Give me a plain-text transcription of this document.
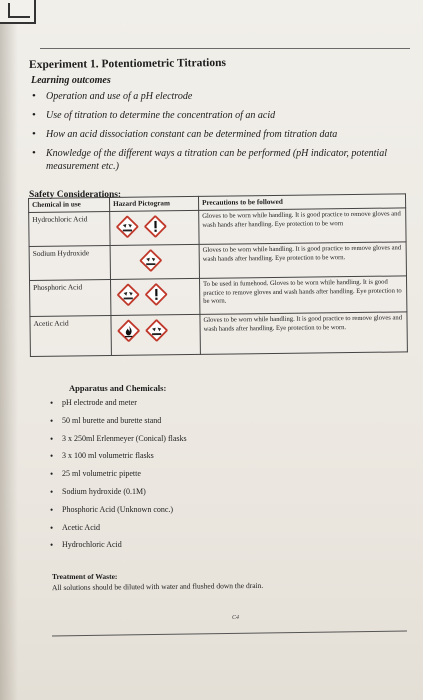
Experiment 1. Potentiometric Titrations
Learning outcomes
• Operation and use of a pH electrode
• Use of titration to determine the concentration of an acid
• How an acid dissociation constant can be determined from titration data
• Knowledge of the different ways a titration can be performed (pH indicator, potential measurement etc.)
Safety Considerations:
Chemical in use	Hazard Pictogram	Precautions to be followed
Hydrochloric Acid		Gloves to be worn while handling. It is good practice to remove gloves and wash hands after handling. Eye protection to be worn
Sodium Hydroxide		Gloves to be worn while handling. It is good practice to remove gloves and wash hands after handling. Eye protection to be worn.
Phosphoric Acid		To be used in fumehood. Gloves to be worn while handling. It is good practice to remove gloves and wash hands after handling. Eye protection to be worn.
Acetic Acid		Gloves to be worn while handling. It is good practice to remove gloves and wash hands after handling. Eye protection to be worn.
Apparatus and Chemicals:
• pH electrode and meter
• 50 ml burette and burette stand
• 3 x 250ml Erlenmeyer (Conical) flasks
• 3 x 100 ml volumetric flasks
• 25 ml volumetric pipette
• Sodium hydroxide (0.1M)
• Phosphoric Acid (Unknown conc.)
• Acetic Acid
• Hydrochloric Acid
Treatment of Waste:
All solutions should be diluted with water and flushed down the drain.
C4
